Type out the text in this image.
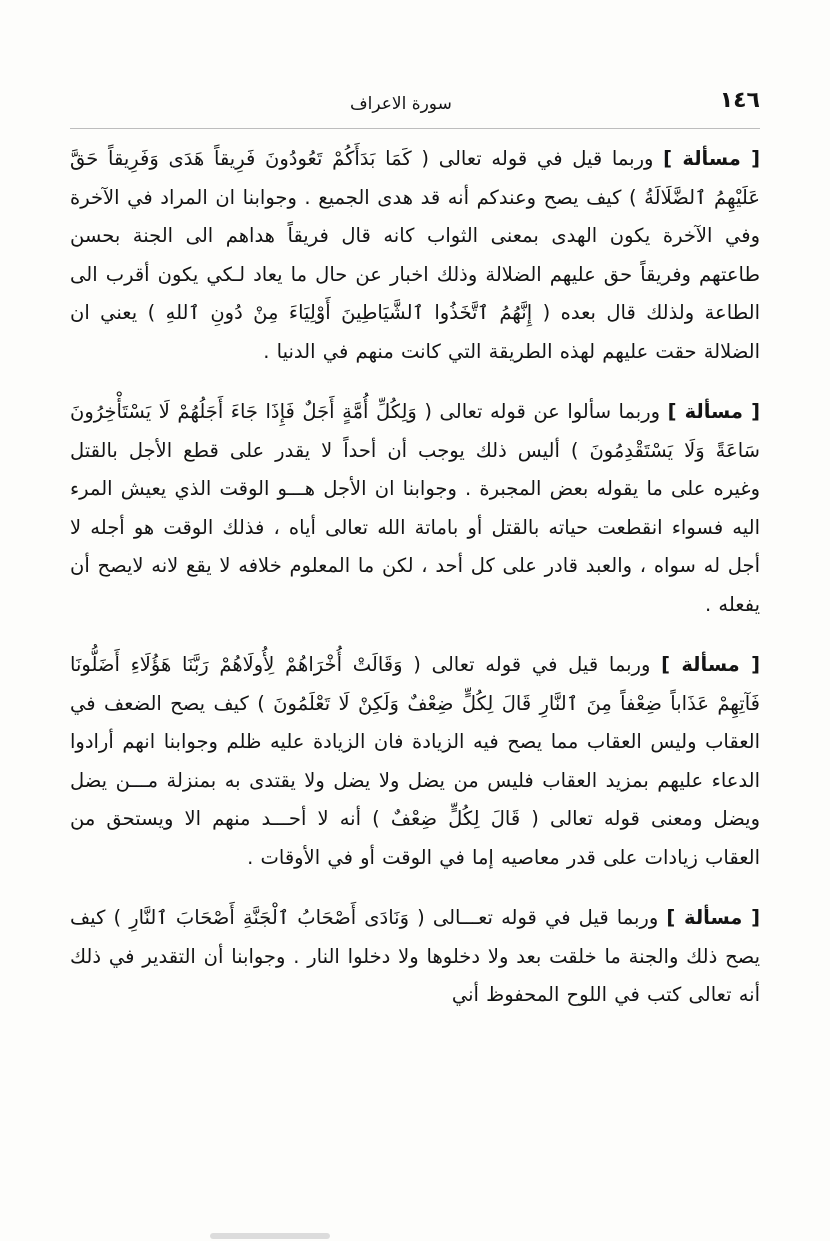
١٤٦
سورة الاعراف

[ مسألة ] وربما قيل في قوله تعالى ( كَمَا بَدَأَكُمْ تَعُودُونَ فَرِيقاً هَدَى وَفَرِيقاً حَقَّ عَلَيْهِمُ ٱلضَّلَالَةُ ) كيف يصح وعندكم أنه قد هدى الجميع . وجوابنا ان المراد في الآخرة وفي الآخرة يكون الهدى بمعنى الثواب كانه قال فريقاً هداهم الى الجنة بحسن طاعتهم وفريقاً حق عليهم الضلالة وذلك اخبار عن حال ما يعاد لـكي يكون أقرب الى الطاعة ولذلك قال بعده ( إِنَّهُمُ ٱتَّخَذُوا ٱلشَّيَاطِينَ أَوْلِيَاءَ مِنْ دُونِ ٱللهِ ) يعني ان الضلالة حقت عليهم لهذه الطريقة التي كانت منهم في الدنيا .

[ مسألة ] وربما سألوا عن قوله تعالى ( وَلِكُلِّ أُمَّةٍ أَجَلٌ فَإِذَا جَاءَ أَجَلُهُمْ لَا يَسْتَأْخِرُونَ سَاعَةً وَلَا يَسْتَقْدِمُونَ ) أليس ذلك يوجب أن أحداً لا يقدر على قطع الأجل بالقتل وغيره على ما يقوله بعض المجبرة . وجوابنا ان الأجل هـــو الوقت الذي يعيش المرء اليه فسواء انقطعت حياته بالقتل أو باماتة الله تعالى أياه ، فذلك الوقت هو أجله لا أجل له سواه ، والعبد قادر على كل أحد ، لكن ما المعلوم خلافه لا يقع لانه لايصح أن يفعله .

[ مسألة ] وربما قيل في قوله تعالى ( وَقَالَتْ أُخْرَاهُمْ لِأُولَاهُمْ رَبَّنَا هَؤُلَاءِ أَضَلُّونَا فَآتِهِمْ عَذَاباً ضِعْفاً مِنَ ٱلنَّارِ قَالَ لِكُلٍّ ضِعْفٌ وَلَكِنْ لَا تَعْلَمُونَ ) كيف يصح الضعف في العقاب وليس العقاب مما يصح فيه الزيادة فان الزيادة عليه ظلم وجوابنا انهم أرادوا الدعاء عليهم بمزيد العقاب فليس من يضل ولا يضل ولا يقتدى به بمنزلة مـــن يضل ويضل ومعنى قوله تعالى ( قَالَ لِكُلٍّ ضِعْفٌ ) أنه لا أحـــد منهم الا ويستحق من العقاب زيادات على قدر معاصيه إما في الوقت أو في الأوقات .

[ مسألة ] وربما قيل في قوله تعـــالى ( وَنَادَى أَصْحَابُ ٱلْجَنَّةِ أَصْحَابَ ٱلنَّارِ ) كيف يصح ذلك والجنة ما خلقت بعد ولا دخلوها ولا دخلوا النار . وجوابنا أن التقدير في ذلك أنه تعالى كتب في اللوح المحفوظ أني
